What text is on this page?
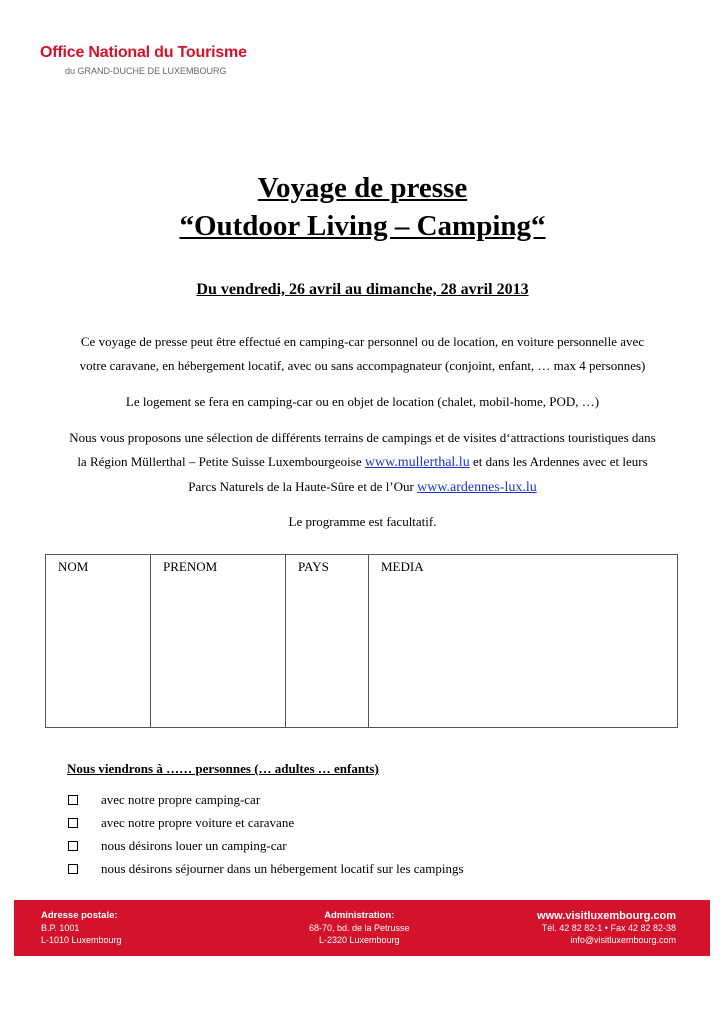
Office National du Tourisme
du GRAND-DUCHE DE LUXEMBOURG
Voyage de presse
“Outdoor Living – Camping“
Du vendredi, 26 avril au dimanche, 28 avril 2013
Ce voyage de presse peut être effectué en camping-car personnel ou de location, en voiture personnelle avec
votre caravane, en hébergement locatif, avec ou sans accompagnateur (conjoint, enfant, … max 4 personnes)
Le logement se fera en camping-car ou en objet de location (chalet, mobil-home, POD, …)
Nous vous proposons une sélection de différents terrains de campings et de visites d‘attractions touristiques dans
la Région Müllerthal – Petite Suisse Luxembourgeoise www.mullerthal.lu et dans les Ardennes avec et leurs
Parcs Naturels de la Haute-Sûre et de l’Our www.ardennes-lux.lu
Le programme est facultatif.
NOM	PRENOM	PAYS	MEDIA

Nous viendrons à …… personnes (… adultes … enfants)
avec notre propre camping-car
avec notre propre voiture et caravane
nous désirons louer un camping-car
nous désirons séjourner dans un hébergement locatif sur les campings
Adresse postale:
B.P. 1001
L-1010 Luxembourg
Administration:
68-70, bd. de la Petrusse
L-2320 Luxembourg
www.visitluxembourg.com
Tél. 42 82 82-1 • Fax 42 82 82-38
info@visitluxembourg.com
